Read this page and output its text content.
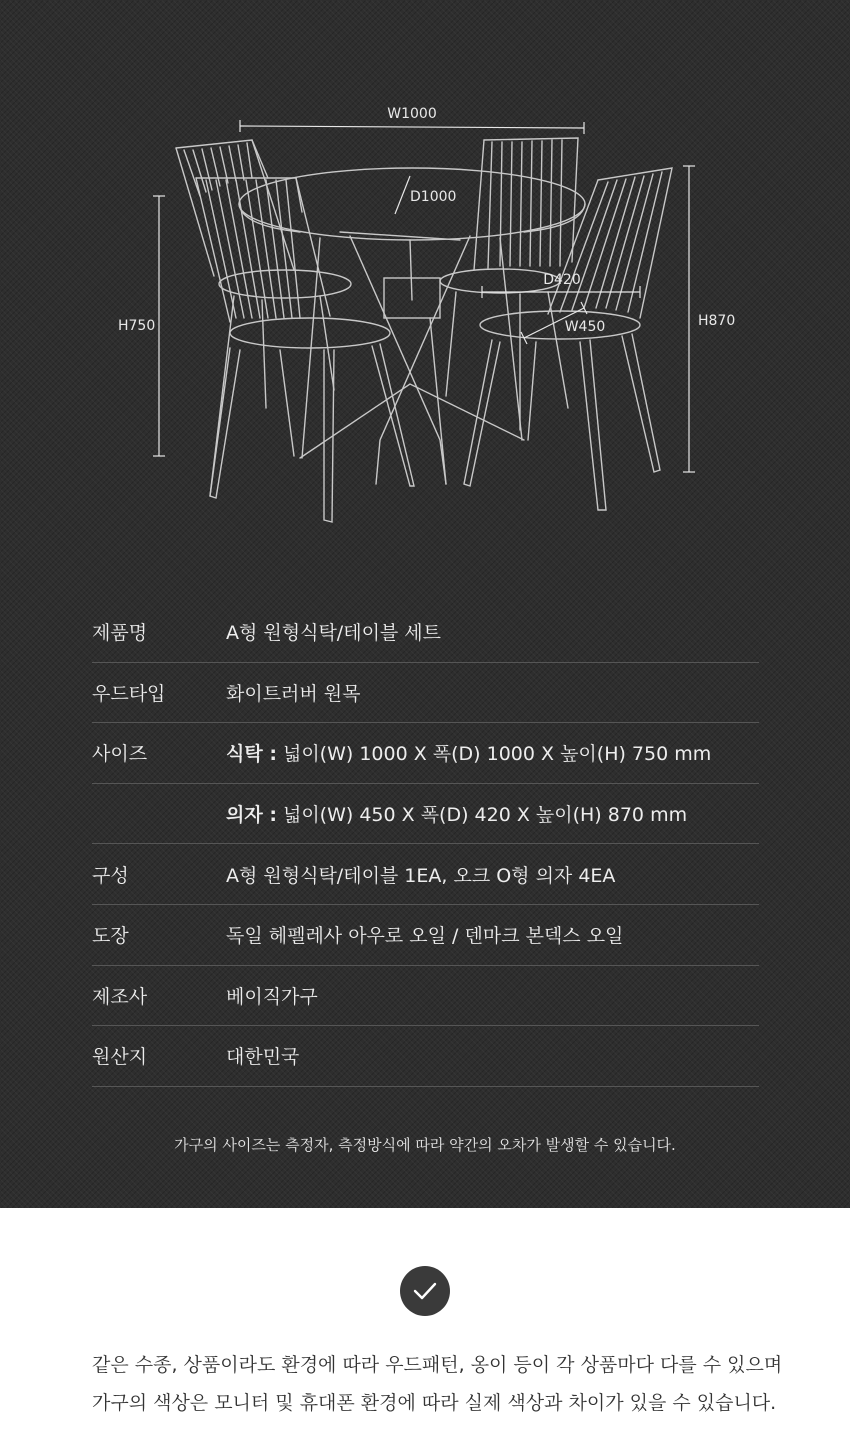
W1000
D1000
H750
D420
W450	H870
제품명	A형 원형식탁/테이블 세트
우드타입	화이트러버 원목
사이즈	식탁 : 넓이(W) 1000 X 폭(D) 1000 X 높이(H) 750 mm
의자 : 넓이(W) 450 X 폭(D) 420 X 높이(H) 870 mm
구성	A형 원형식탁/테이블 1EA, 오크 O형 의자 4EA
도장	독일 헤펠레사 아우로 오일 / 덴마크 본덱스 오일
제조사	베이직가구
원산지	대한민국
가구의 사이즈는 측정자, 측정방식에 따라 약간의 오차가 발생할 수 있습니다.
같은 수종, 상품이라도 환경에 따라 우드패턴, 옹이 등이 각 상품마다 다를 수 있으며
가구의 색상은 모니터 및 휴대폰 환경에 따라 실제 색상과 차이가 있을 수 있습니다.
